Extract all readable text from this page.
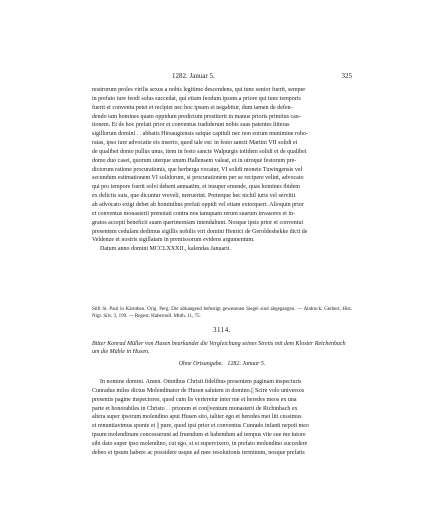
1282. Januar 5.	325

nostrorum proles virilis sexus a nobis legitime descendens, qui tunc senior fuerit, semper

in prefato iure feodi solus succedat, qui etiam feodum ipsum a priore qui tunc temporis

fuerit et conventu petet et recipiet nec hoc ipsum ei negabitur, dum tamen de defen-

dendo tam homines quam oppidum predictum prestiterit in manus prioris primitus cau-

tionem. Et de hoc prefati prior et conventus tradiderunt nobis suas patentes litteras

sigillorum domini . . abbatis Hirsaugiensis suique capituli nec non eorum munimine robo-

ratas, ipso iure advocatie eis inserto, quod tale est: in festo sancti Martini VII solidi et

de qualibet domo pullus unus, item in festo sancte Walpurgis totidem solidi et de qualibet

domo duo casei, quorum uterque unum Hallensem valeat, et in utroque festorum pre-

dictorum ratione procurationis, que herberga vocatur, VI solidi monete Tuwingensis vel

secundum estimationem VI solidorum, si procurationem per se recipere velint, advocato

qui pro tempore fuerit solvi debent annuatim, et insuper emende, quas homines ibidem

ex delictis suis, que dicuntur vrevelі, meruerint. Preterque hec nichil iuris vel servitii

ab advocato exigi debet ab hominibus prefati oppidi vel etiam extorqueri. Alioquin prior

et conventus monasterii prenotati contra nos tamquam rerum suarum invasores et in-

gratos accepti beneficii suam querimoniam intendabunt. Nosque ipsis prior et conventui

presentem cedulam dedimus sigillis nobilis viri domini Henrici de Geroldeshekke dicti de

Veldenze et nostris sigillatam in premissorum evidens argumentum.

Datum anno domini MCCLXXXII., kalendas Januarii.

Stift St. Paul in Kärnthen. Orig. Perg. Die abhangend befestigt gewesenen Siegel sind abgegangen. — Abdruck: Gerbert, Hist. Nigr. Silv. 3, 199. — Regest: Habernoll. Mitth. 11, 75.
3114.
Bitter Konrad Müller von Husen beurkundet die Vergleichung seines Streits mit dem Kloster Reichenbach um die Mühle in Husen.
Ohne Ortsangabe. 1282. Januar 5.

In nomine domini. Amen. Omnibus Christi fidelibus presentem paginam inspecturis

Cunradus miles dictus Molendinator de Husen salutem in domino.|| Scire volo universos

presentis pagine inspectores, quod cum lis verteretur inter me et heredes meos ex una

parte et honorabiles in Christo . . priorem et con||ventum monasterii de Richinbach ex

altera super ipsorum molendino aput Husen sito, taliter ego et heredes mei liti cessimus

et renuntiavimus sponte et || pure, quod ipsi prior et conventus Cunrado infanti nepoti meo

ipsum molendinum concesserunt ad fruendum et habendum ad tempus vite sue me tutore

sibi dato super ipso molendino, cui ego, si ei supervixero, in prefato molendino succedere

debeo et ipsum habere ac possidere usque ad mee resolutionis terminum, nosque prefatis
